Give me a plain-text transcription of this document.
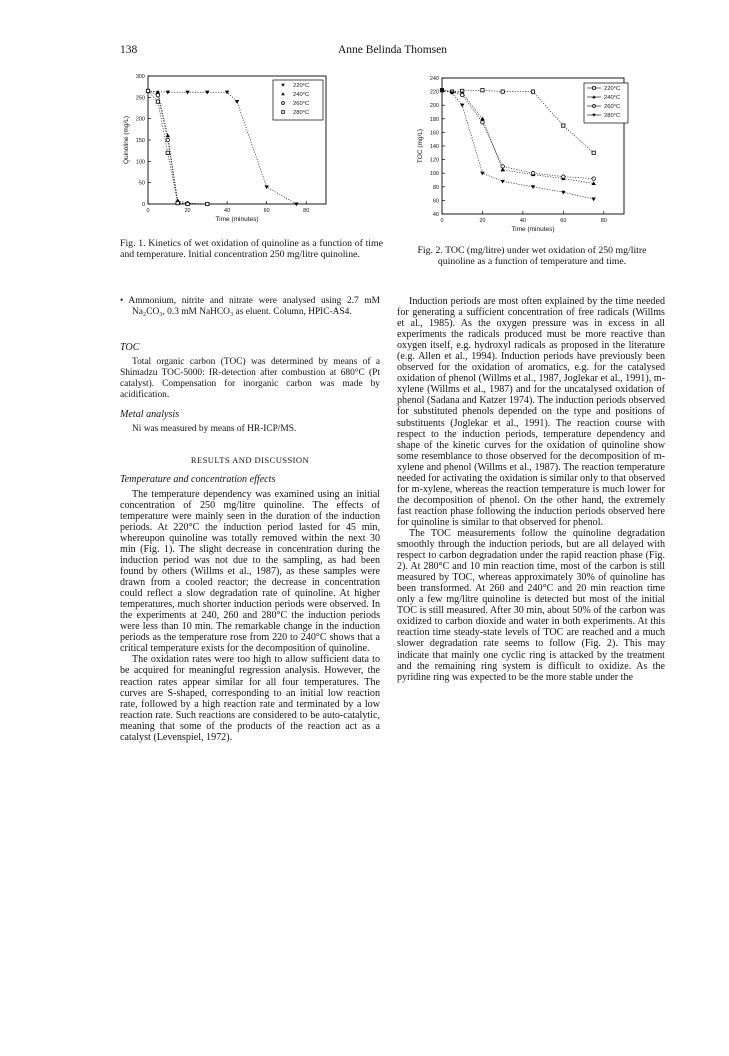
138	Anne Belinda Thomsen
0	20	40	60	80
0
50
100
150
200
250
300
Time (minutes)
Quinoline (mg/L)
220°C
240°C
260°C
280°C
0	20	40	60	80
40
60
80
100
120
140
160
180
200
220
240
Time (minutes)
TOC (mg/L)
220°C
240°C
260°C
280°C
Fig. 1. Kinetics of wet oxidation of quinoline as a function of time and temperature. Initial concentration 250 mg/litre quinoline.	Fig. 2. TOC (mg/litre) under wet oxidation of 250 mg/litre quinoline as a function of temperature and time.

• Ammonium, nitrite and nitrate were analysed using 2.7 mM Na₂CO₃, 0.3 mM NaHCO₃ as eluent. Column, HPIC-AS4.

TOC

Total organic carbon (TOC) was determined by means of a Shimadzu TOC-5000: IR-detection after combustion at 680°C (Pt catalyst). Compensation for inorganic carbon was made by acidification.

Metal analysis

Ni was measured by means of HR-ICP/MS.

RESULTS AND DISCUSSION
Temperature and concentration effects

The temperature dependency was examined using an initial concentration of 250 mg/litre quinoline. The effects of temperature were mainly seen in the duration of the induction periods. At 220°C the induction period lasted for 45 min, whereupon quinoline was totally removed within the next 30 min (Fig. 1). The slight decrease in concentration during the induction period was not due to the sampling, as had been found by others (Willms et al., 1987), as these samples were drawn from a cooled reactor; the decrease in concentration could reflect a slow degradation rate of quinoline. At higher temperatures, much shorter induction periods were observed. In the experiments at 240, 260 and 280°C the induction periods were less than 10 min. The remarkable change in the induction periods as the temperature rose from 220 to 240°C shows that a critical temperature exists for the decomposition of quinoline.

The oxidation rates were too high to allow sufficient data to be acquired for meaningful regression analysis. However, the reaction rates appear similar for all four temperatures. The curves are S-shaped, corresponding to an initial low reaction rate, followed by a high reaction rate and terminated by a low reaction rate. Such reactions are considered to be auto-catalytic, meaning that some of the products of the reaction act as a catalyst (Levenspiel, 1972).

Induction periods are most often explained by the time needed for generating a sufficient concentration of free radicals (Willms et al., 1985). As the oxygen pressure was in excess in all experiments the radicals produced must be more reactive than oxygen itself, e.g. hydroxyl radicals as proposed in the literature (e.g. Allen et al., 1994). Induction periods have previously been observed for the oxidation of aromatics, e.g. for the catalysed oxidation of phenol (Willms et al., 1987, Joglekar et al., 1991), m-xylene (Willms et al., 1987) and for the uncatalysed oxidation of phenol (Sadana and Katzer 1974). The induction periods observed for substituted phenols depended on the type and positions of substituents (Joglekar et al., 1991). The reaction course with respect to the induction periods, temperature dependency and shape of the kinetic curves for the oxidation of quinoline show some resemblance to those observed for the decomposition of m-xylene and phenol (Willms et al., 1987). The reaction temperature needed for activating the oxidation is similar only to that observed for m-xylene, whereas the reaction temperature is much lower for the decomposition of phenol. On the other hand, the extremely fast reaction phase following the induction periods observed here for quinoline is similar to that observed for phenol.

The TOC measurements follow the quinoline degradation smoothly through the induction periods, but are all delayed with respect to carbon degradation under the rapid reaction phase (Fig. 2). At 280°C and 10 min reaction time, most of the carbon is still measured by TOC, whereas approximately 30% of quinoline has been transformed. At 260 and 240°C and 20 min reaction time only a few mg/litre quinoline is detected but most of the initial TOC is still measured. After 30 min, about 50% of the carbon was oxidized to carbon dioxide and water in both experiments. At this reaction time steady-state levels of TOC are reached and a much slower degradation rate seems to follow (Fig. 2). This may indicate that mainly one cyclic ring is attacked by the treatment and the remaining ring system is difficult to oxidize. As the pyridine ring was expected to be the more stable under the
